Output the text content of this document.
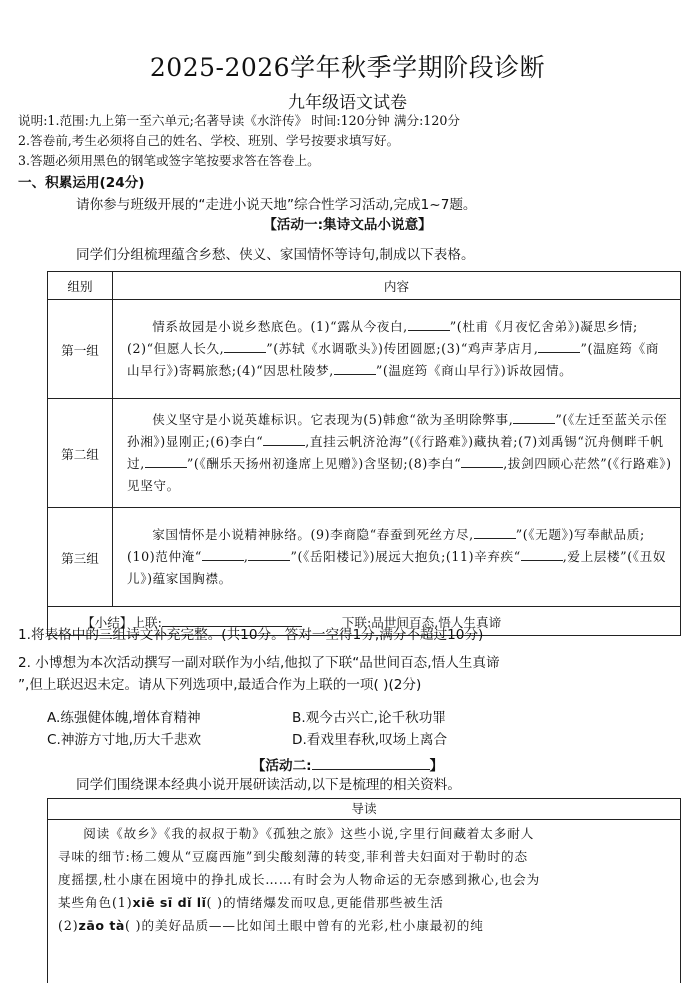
2025-2026学年秋季学期阶段诊断
九年级语文试卷
说明:1.范围:九上第一至六单元;名著导读《水浒传》 时间:120分钟 满分:120分
2.答卷前,考生必须将自己的姓名、学校、班别、学号按要求填写好。
3.答题必须用黑色的钢笔或签字笔按要求答在答卷上。
一、积累运用(24分)
请你参与班级开展的“走进小说天地”综合性学习活动,完成1~7题。
【活动一:集诗文品小说意】
同学们分组梳理蕴含乡愁、侠义、家国情怀等诗句,制成以下表格。
组别	内容
第一组	情系故园是小说乡愁底色。(1)“露从今夜白, ”(杜甫《月夜忆舍弟》)凝思乡情;(2)“但愿人长久, ”(苏轼《水调歌头》)传团圆愿;(3)“鸡声茅店月, ”(温庭筠《商山早行》)寄羁旅愁;(4)“因思杜陵梦, ”(温庭筠《商山早行》)诉故园情。

第二组	侠义坚守是小说英雄标识。它表现为(5)韩愈“欲为圣明除弊事, ”(《左迁至蓝关示侄孙湘》)显刚正;(6)李白“ ,直挂云帆济沧海”(《行路难》)藏执着;(7)刘禹锡“沉舟侧畔千帆过, ”(《酬乐天扬州初逢席上见赠》)含坚韧;(8)李白“ ,拔剑四顾心茫然”(《行路难》)见坚守。

第三组	家国情怀是小说精神脉络。(9)李商隐“春蚕到死丝方尽, ”(《无题》)写奉献品质;(10)范仲淹“ , ”(《岳阳楼记》)展远大抱负;(11)辛弃疾“ ,爱上层楼”(《丑奴儿》)蕴家国胸襟。

【小结】上联: 下联:品世间百态,悟人生真谛	
1.将表格中的三组诗文补充完整。(共10分。答对一空得1分,满分不超过10分)
2. 小博想为本次活动撰写一副对联作为小结,他拟了下联“品世间百态,悟人生真谛
”,但上联迟迟未定。请从下列选项中,最适合作为上联的一项( )(2分)
A.练强健体魄,增体育精神	B.观今古兴亡,论千秋功罪
C.神游方寸地,历大千悲欢	D.看戏里春秋,叹场上离合
【活动二:	】
同学们围绕课本经典小说开展研读活动,以下是梳理的相关资料。
导读
阅读《故乡》《我的叔叔于勒》《孤独之旅》这些小说,字里行间藏着太多耐人
寻味的细节:杨二嫂从“豆腐西施”到尖酸刻薄的转变,菲利普夫妇面对于勒时的态
度摇摆,杜小康在困境中的挣扎成长……有时会为人物命运的无奈感到揪心,也会为
某些角色(1)xiē sī dǐ lǐ( )的情绪爆发而叹息,更能借那些被生活
(2)zāo tà( )的美好品质——比如闰土眼中曾有的光彩,杜小康最初的纯
